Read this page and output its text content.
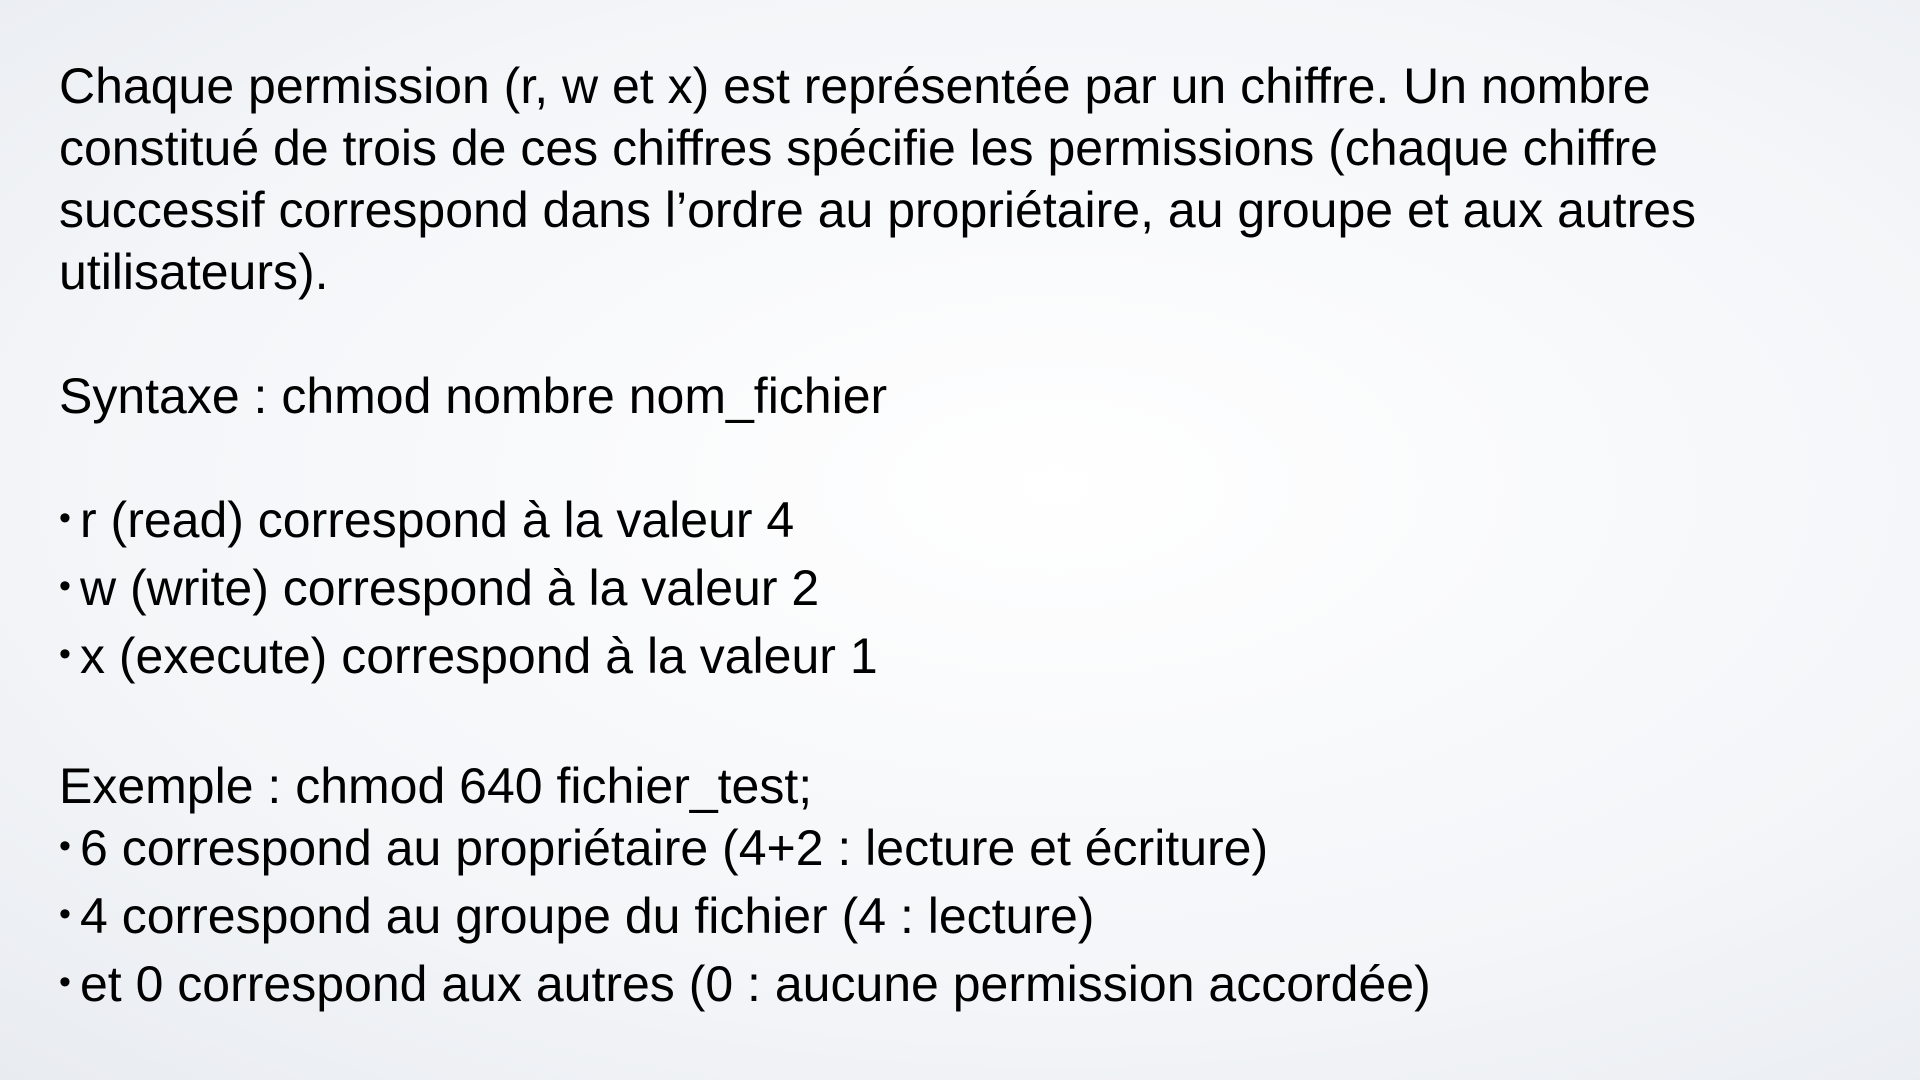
Chaque permission (r, w et x) est représentée par un chiffre. Un nombre constitué de trois de ces chiffres spécifie les permissions (chaque chiffre successif correspond dans l’ordre au propriétaire, au groupe et aux autres utilisateurs).

Syntaxe : chmod nombre nom_fichier

• r (read) correspond à la valeur 4

• w (write) correspond à la valeur 2

• x (execute) correspond à la valeur 1

Exemple : chmod 640 fichier_test;

• 6 correspond au propriétaire (4+2 : lecture et écriture)

• 4 correspond au groupe du fichier (4 : lecture)

• et 0 correspond aux autres (0 : aucune permission accordée)
